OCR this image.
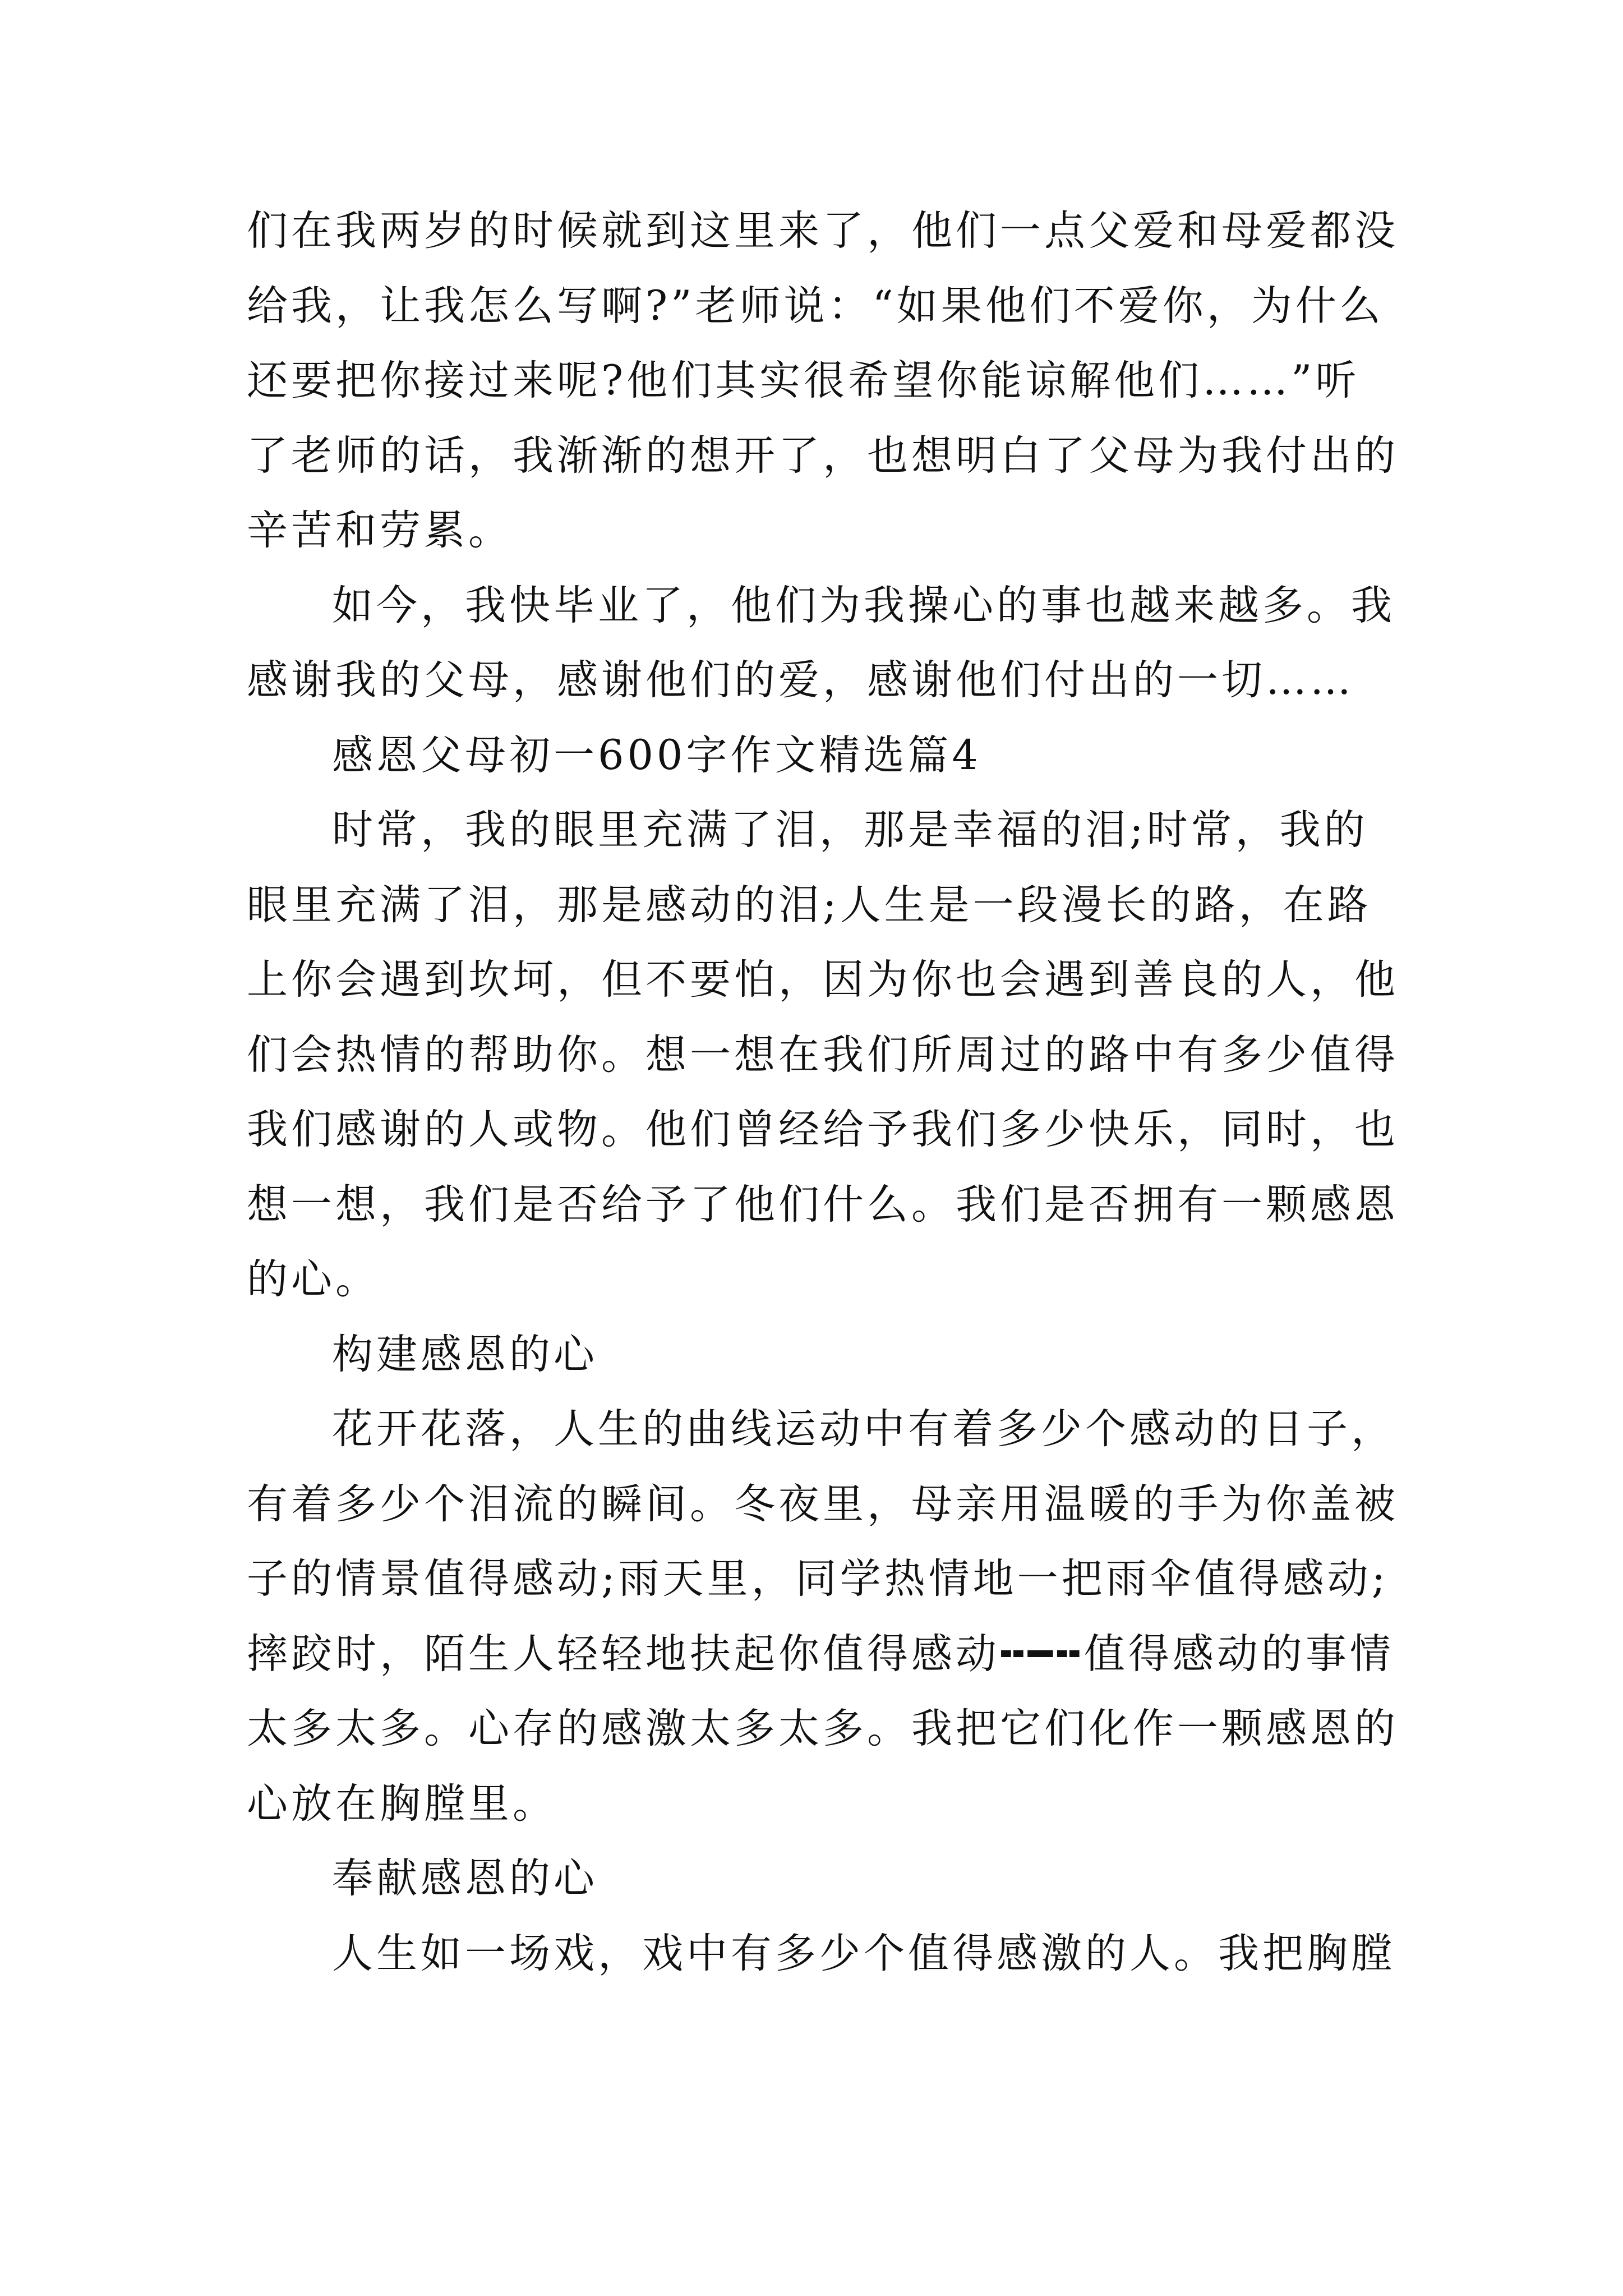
们在我两岁的时候就到这里来了，他们一点父爱和母爱都没
给我，让我怎么写啊?”老师说：“如果他们不爱你，为什么
还要把你接过来呢?他们其实很希望你能谅解他们……”听
了老师的话，我渐渐的想开了，也想明白了父母为我付出的
辛苦和劳累。
如今，我快毕业了，他们为我操心的事也越来越多。我
感谢我的父母，感谢他们的爱，感谢他们付出的一切……
感恩父母初一600字作文精选篇4
时常，我的眼里充满了泪，那是幸福的泪;时常，我的
眼里充满了泪，那是感动的泪;人生是一段漫长的路，在路
上你会遇到坎坷，但不要怕，因为你也会遇到善良的人，他
们会热情的帮助你。想一想在我们所周过的路中有多少值得
我们感谢的人或物。他们曾经给予我们多少快乐，同时，也
想一想，我们是否给予了他们什么。我们是否拥有一颗感恩
的心。
构建感恩的心
花开花落，人生的曲线运动中有着多少个感动的日子，
有着多少个泪流的瞬间。冬夜里，母亲用温暖的手为你盖被
子的情景值得感动;雨天里，同学热情地一把雨伞值得感动;
摔跤时，陌生人轻轻地扶起你值得感动╍━╍值得感动的事情
太多太多。心存的感激太多太多。我把它们化作一颗感恩的
心放在胸膛里。
奉献感恩的心
人生如一场戏，戏中有多少个值得感激的人。我把胸膛
